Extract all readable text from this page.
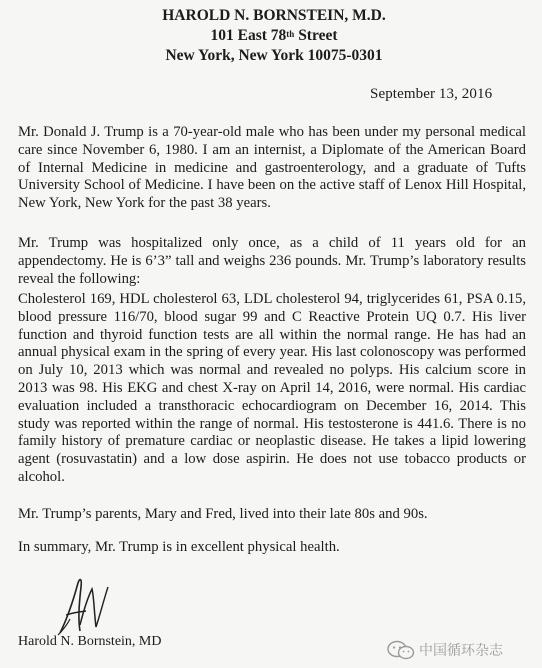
HAROLD N. BORNSTEIN, M.D.
101 East 78th Street
New York, New York 10075-0301
September 13, 2016
Mr. Donald J. Trump is a 70-year-old male who has been under my personal medical care since November 6, 1980. I am an internist, a Diplomate of the American Board of Internal Medicine in medicine and gastroenterology, and a graduate of Tufts University School of Medicine. I have been on the active staff of Lenox Hill Hospital, New York, New York for the past 38 years.
Mr. Trump was hospitalized only once, as a child of 11 years old for an appendectomy. He is 6’3” tall and weighs 236 pounds. Mr. Trump’s laboratory results reveal the following:
Cholesterol 169, HDL cholesterol 63, LDL cholesterol 94, triglycerides 61, PSA 0.15, blood pressure 116/70, blood sugar 99 and C Reactive Protein UQ 0.7. His liver function and thyroid function tests are all within the normal range. He has had an annual physical exam in the spring of every year. His last colonoscopy was performed on July 10, 2013 which was normal and revealed no polyps. His calcium score in 2013 was 98. His EKG and chest X-ray on April 14, 2016, were normal. His cardiac evaluation included a transthoracic echocardiogram on December 16, 2014. This study was reported within the range of normal. His testosterone is 441.6. There is no family history of premature cardiac or neoplastic disease. He takes a lipid lowering agent (rosuvastatin) and a low dose aspirin. He does not use tobacco products or alcohol.
Mr. Trump’s parents, Mary and Fred, lived into their late 80s and 90s.
In summary, Mr. Trump is in excellent physical health.
Harold N. Bornstein, MD
中国循环杂志
